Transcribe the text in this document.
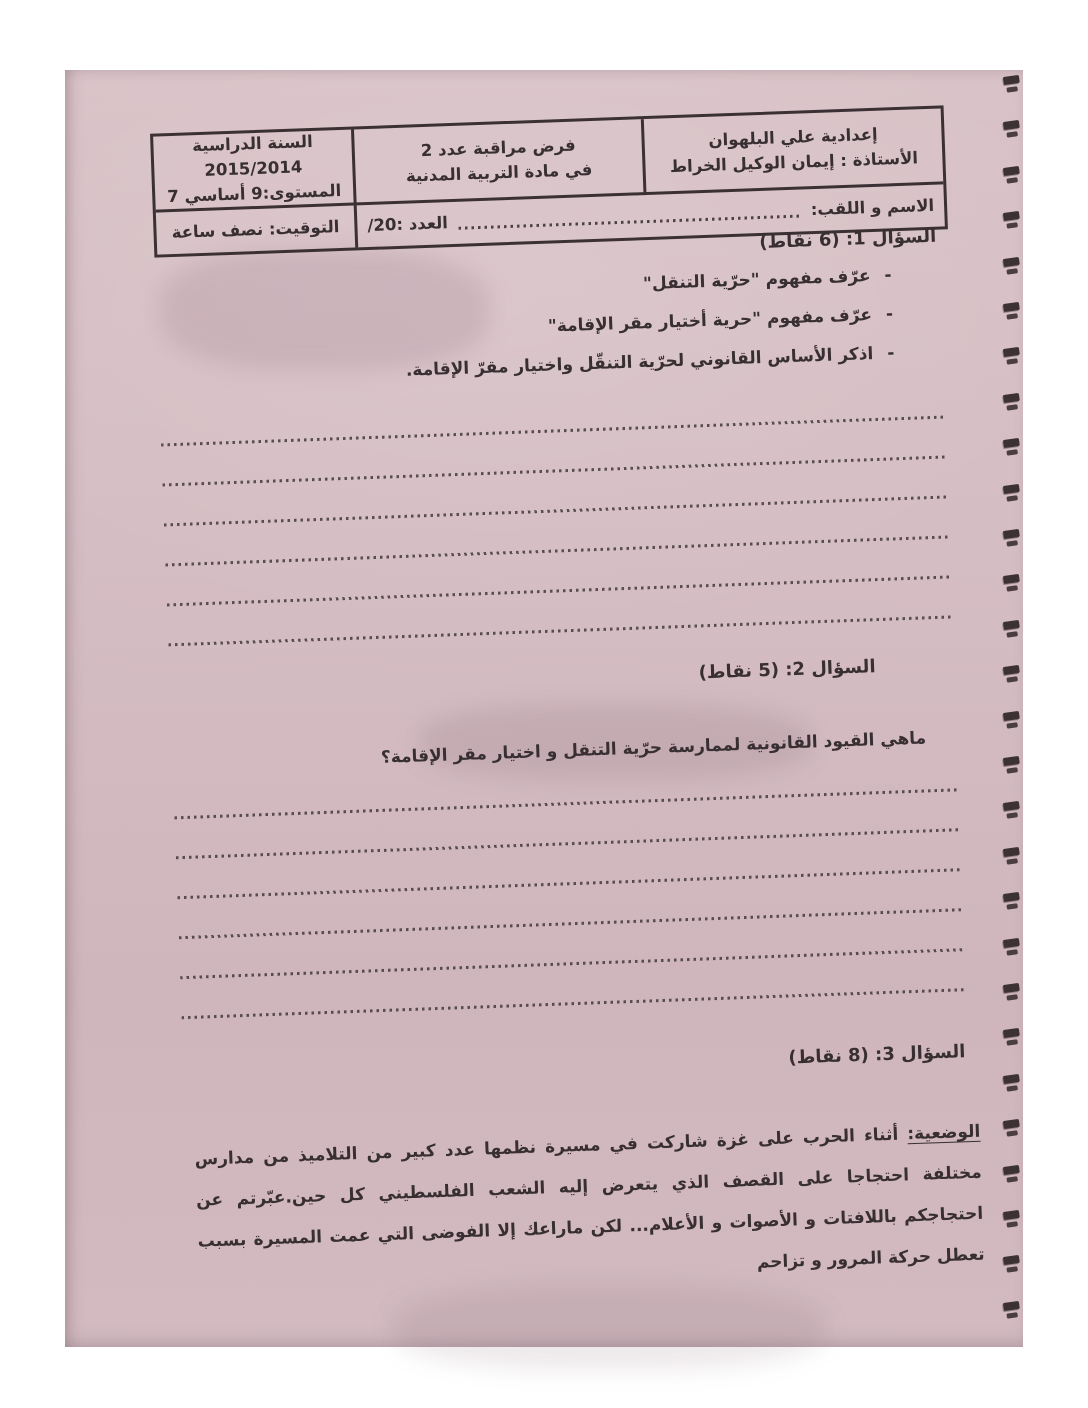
إعدادية علي البلهوان
الأستاذة : إيمان الوكيل الخراط
فرض مراقبة عدد 2
في مادة التربية المدنية
السنة الدراسية 2015/2014
المستوى:9 أساسي 7
الاسم و اللقب:
العدد :20/
التوقيت: نصف ساعة	السؤال 1: (6 نقاط)
-
عرّف مفهوم "حرّية التنقل"
-
عرّف مفهوم "حرية أختيار مقر الإقامة"
-
اذكر الأساس القانوني لحرّية التنقّل واختيار مقرّ الإقامة.
السؤال 2: (5 نقاط)
ماهي القيود القانونية لممارسة حرّية التنقل و اختيار مقر الإقامة؟
السؤال 3: (8 نقاط)

الوضعية: أثناء الحرب على غزة شاركت في مسيرة نظمها عدد كبير من التلاميذ من مدارس مختلفة احتجاجا على القصف الذي يتعرض إليه الشعب الفلسطيني كل حين.عبّرتم عن احتجاجكم باللافتات و الأصوات و الأعلام... لكن ماراعك إلا الفوضى التي عمت المسيرة بسبب تعطل حركة المرور و تزاحم
